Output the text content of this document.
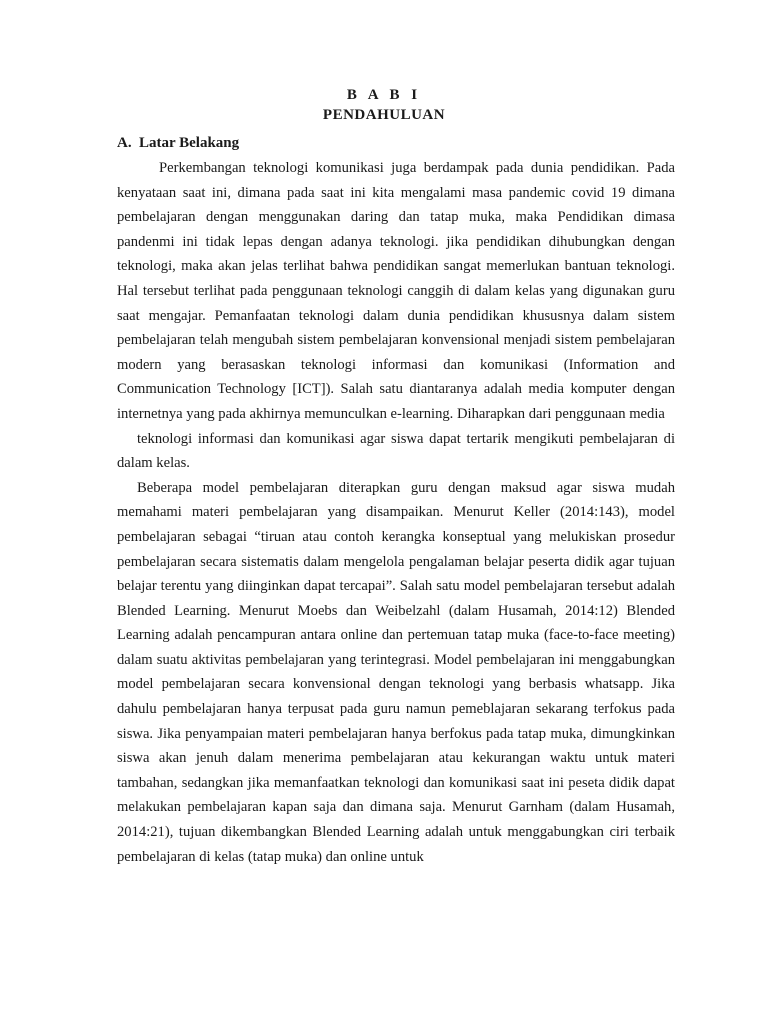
B A B I
PENDAHULUAN
A. Latar Belakang

Perkembangan teknologi komunikasi juga berdampak pada dunia pendidikan. Pada kenyataan saat ini, dimana pada saat ini kita mengalami masa pandemic covid 19 dimana pembelajaran dengan menggunakan daring dan tatap muka, maka Pendidikan dimasa pandenmi ini tidak lepas dengan adanya teknologi. jika pendidikan dihubungkan dengan teknologi, maka akan jelas terlihat bahwa pendidikan sangat memerlukan bantuan teknologi. Hal tersebut terlihat pada penggunaan teknologi canggih di dalam kelas yang digunakan guru saat mengajar. Pemanfaatan teknologi dalam dunia pendidikan khususnya dalam sistem pembelajaran telah mengubah sistem pembelajaran konvensional menjadi sistem pembelajaran modern yang berasaskan teknologi informasi dan komunikasi (Information and Communication Technology [ICT]). Salah satu diantaranya adalah media komputer dengan internetnya yang pada akhirnya memunculkan e-learning. Diharapkan dari penggunaan media

teknologi informasi dan komunikasi agar siswa dapat tertarik mengikuti pembelajaran di dalam kelas.

Beberapa model pembelajaran diterapkan guru dengan maksud agar siswa mudah memahami materi pembelajaran yang disampaikan. Menurut Keller (2014:143), model pembelajaran sebagai “tiruan atau contoh kerangka konseptual yang melukiskan prosedur pembelajaran secara sistematis dalam mengelola pengalaman belajar peserta didik agar tujuan belajar terentu yang diinginkan dapat tercapai”. Salah satu model pembelajaran tersebut adalah Blended Learning. Menurut Moebs dan Weibelzahl (dalam Husamah, 2014:12) Blended Learning adalah pencampuran antara online dan pertemuan tatap muka (face-to-face meeting) dalam suatu aktivitas pembelajaran yang terintegrasi. Model pembelajaran ini menggabungkan model pembelajaran secara konvensional dengan teknologi yang berbasis whatsapp. Jika dahulu pembelajaran hanya terpusat pada guru namun pemeblajaran sekarang terfokus pada siswa. Jika penyampaian materi pembelajaran hanya berfokus pada tatap muka, dimungkinkan siswa akan jenuh dalam menerima pembelajaran atau kekurangan waktu untuk materi tambahan, sedangkan jika memanfaatkan teknologi dan komunikasi saat ini peseta didik dapat melakukan pembelajaran kapan saja dan dimana saja. Menurut Garnham (dalam Husamah, 2014:21), tujuan dikembangkan Blended Learning adalah untuk menggabungkan ciri terbaik pembelajaran di kelas (tatap muka) dan online untuk
